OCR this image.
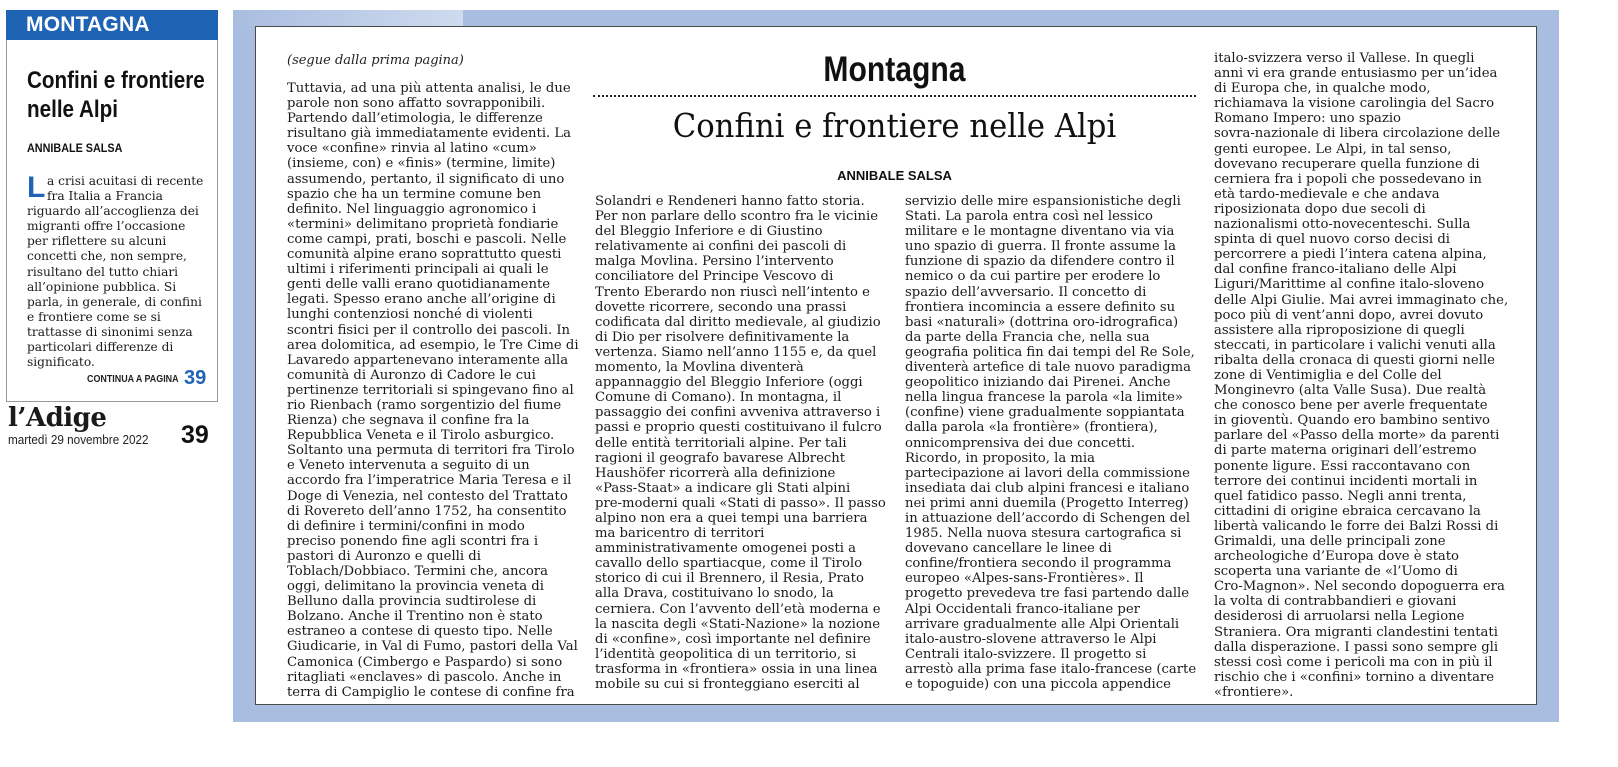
MONTAGNA
Confini e frontiere
nelle Alpi
ANNIBALE SALSA
L a crisi acuitasi di recente
fra Italia a Francia
riguardo all’accoglienza dei
migranti offre l’occasione
per riflettere su alcuni
concetti che, non sempre,
risultano del tutto chiari
all’opinione pubblica. Si
parla, in generale, di confini
e frontiere come se si
trattasse di sinonimi senza
particolari differenze di
significato.
CONTINUA A PAGINA 39
l’Adige
martedì 29 novembre 2022 39
(segue dalla prima pagina)	Montagna
Confini e frontiere nelle Alpi
ANNIBALE SALSA
Tuttavia, ad una più attenta analisi, le due
parole non sono affatto sovrapponibili.
Partendo dall’etimologia, le differenze
risultano già immediatamente evidenti. La
voce «confine» rinvia al latino «cum»
(insieme, con) e «finis» (termine, limite)
assumendo, pertanto, il significato di uno
spazio che ha un termine comune ben
definito. Nel linguaggio agronomico i
«termini» delimitano proprietà fondiarie
come campi, prati, boschi e pascoli. Nelle
comunità alpine erano soprattutto questi
ultimi i riferimenti principali ai quali le
genti delle valli erano quotidianamente
legati. Spesso erano anche all’origine di
lunghi contenziosi nonché di violenti
scontri fisici per il controllo dei pascoli. In
area dolomitica, ad esempio, le Tre Cime di
Lavaredo appartenevano interamente alla
comunità di Auronzo di Cadore le cui
pertinenze territoriali si spingevano fino al
rio Rienbach (ramo sorgentizio del fiume
Rienza) che segnava il confine fra la
Repubblica Veneta e il Tirolo asburgico.
Soltanto una permuta di territori fra Tirolo
e Veneto intervenuta a seguito di un
accordo fra l’imperatrice Maria Teresa e il
Doge di Venezia, nel contesto del Trattato
di Rovereto dell’anno 1752, ha consentito
di definire i termini/confini in modo
preciso ponendo fine agli scontri fra i
pastori di Auronzo e quelli di
Toblach/Dobbiaco. Termini che, ancora
oggi, delimitano la provincia veneta di
Belluno dalla provincia sudtirolese di
Bolzano. Anche il Trentino non è stato
estraneo a contese di questo tipo. Nelle
Giudicarie, in Val di Fumo, pastori della Val
Camonica (Cimbergo e Paspardo) si sono
ritagliati «enclaves» di pascolo. Anche in
terra di Campiglio le contese di confine fra
Solandri e Rendeneri hanno fatto storia.
Per non parlare dello scontro fra le vicinie
del Bleggio Inferiore e di Giustino
relativamente ai confini dei pascoli di
malga Movlina. Persino l’intervento
conciliatore del Principe Vescovo di
Trento Eberardo non riuscì nell’intento e
dovette ricorrere, secondo una prassi
codificata dal diritto medievale, al giudizio
di Dio per risolvere definitivamente la
vertenza. Siamo nell’anno 1155 e, da quel
momento, la Movlina diventerà
appannaggio del Bleggio Inferiore (oggi
Comune di Comano). In montagna, il
passaggio dei confini avveniva attraverso i
passi e proprio questi costituivano il fulcro
delle entità territoriali alpine. Per tali
ragioni il geografo bavarese Albrecht
Haushöfer ricorrerà alla definizione
«Pass-Staat» a indicare gli Stati alpini
pre-moderni quali «Stati di passo». Il passo
alpino non era a quei tempi una barriera
ma baricentro di territori
amministrativamente omogenei posti a
cavallo dello spartiacque, come il Tirolo
storico di cui il Brennero, il Resia, Prato
alla Drava, costituivano lo snodo, la
cerniera. Con l’avvento dell’età moderna e
la nascita degli «Stati-Nazione» la nozione
di «confine», così importante nel definire
l’identità geopolitica di un territorio, si
trasforma in «frontiera» ossia in una linea
mobile su cui si fronteggiano eserciti al
servizio delle mire espansionistiche degli
Stati. La parola entra così nel lessico
militare e le montagne diventano via via
uno spazio di guerra. Il fronte assume la
funzione di spazio da difendere contro il
nemico o da cui partire per erodere lo
spazio dell’avversario. Il concetto di
frontiera incomincia a essere definito su
basi «naturali» (dottrina oro-idrografica)
da parte della Francia che, nella sua
geografia politica fin dai tempi del Re Sole,
diventerà artefice di tale nuovo paradigma
geopolitico iniziando dai Pirenei. Anche
nella lingua francese la parola «la limite»
(confine) viene gradualmente soppiantata
dalla parola «la frontière» (frontiera),
onnicomprensiva dei due concetti.
Ricordo, in proposito, la mia
partecipazione ai lavori della commissione
insediata dai club alpini francesi e italiano
nei primi anni duemila (Progetto Interreg)
in attuazione dell’accordo di Schengen del
1985. Nella nuova stesura cartografica si
dovevano cancellare le linee di
confine/frontiera secondo il programma
europeo «Alpes-sans-Frontières». Il
progetto prevedeva tre fasi partendo dalle
Alpi Occidentali franco-italiane per
arrivare gradualmente alle Alpi Orientali
italo-austro-slovene attraverso le Alpi
Centrali italo-svizzere. Il progetto si
arrestò alla prima fase italo-francese (carte
e topoguide) con una piccola appendice
italo-svizzera verso il Vallese. In quegli
anni vi era grande entusiasmo per un’idea
di Europa che, in qualche modo,
richiamava la visione carolingia del Sacro
Romano Impero: uno spazio
sovra-nazionale di libera circolazione delle
genti europee. Le Alpi, in tal senso,
dovevano recuperare quella funzione di
cerniera fra i popoli che possedevano in
età tardo-medievale e che andava
riposizionata dopo due secoli di
nazionalismi otto-novecenteschi. Sulla
spinta di quel nuovo corso decisi di
percorrere a piedi l’intera catena alpina,
dal confine franco-italiano delle Alpi
Liguri/Marittime al confine italo-sloveno
delle Alpi Giulie. Mai avrei immaginato che,
poco più di vent’anni dopo, avrei dovuto
assistere alla riproposizione di quegli
steccati, in particolare i valichi venuti alla
ribalta della cronaca di questi giorni nelle
zone di Ventimiglia e del Colle del
Monginevro (alta Valle Susa). Due realtà
che conosco bene per averle frequentate
in gioventù. Quando ero bambino sentivo
parlare del «Passo della morte» da parenti
di parte materna originari dell’estremo
ponente ligure. Essi raccontavano con
terrore dei continui incidenti mortali in
quel fatidico passo. Negli anni trenta,
cittadini di origine ebraica cercavano la
libertà valicando le forre dei Balzi Rossi di
Grimaldi, una delle principali zone
archeologiche d’Europa dove è stato
scoperta una variante de «l’Uomo di
Cro-Magnon». Nel secondo dopoguerra era
la volta di contrabbandieri e giovani
desiderosi di arruolarsi nella Legione
Straniera. Ora migranti clandestini tentati
dalla disperazione. I passi sono sempre gli
stessi così come i pericoli ma con in più il
rischio che i «confini» tornino a diventare
«frontiere».
